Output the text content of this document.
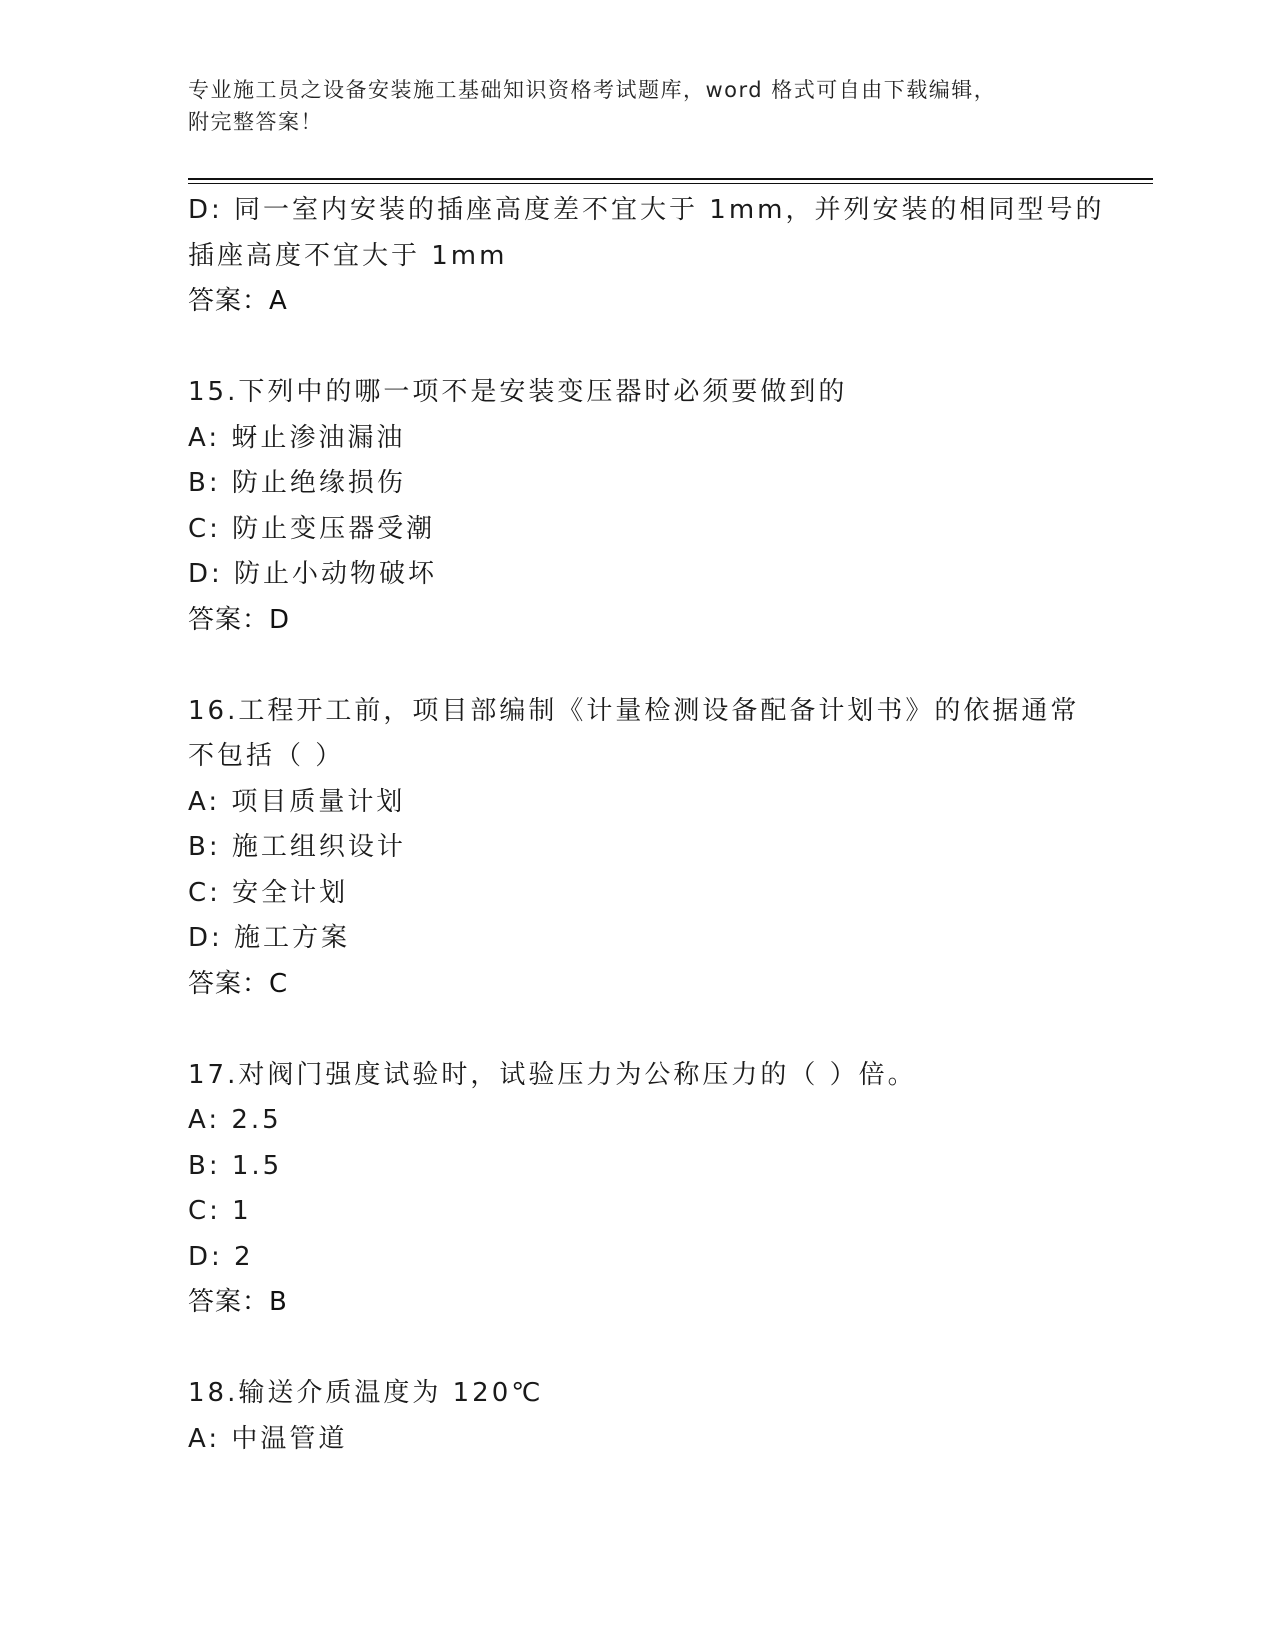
专业施工员之设备安装施工基础知识资格考试题库，word 格式可自由下载编辑，
附完整答案！
D: 同一室内安装的插座高度差不宜大于 1mm，并列安装的相同型号的
插座高度不宜大于 1mm
答案：A
15.下列中的哪一项不是安装变压器时必须要做到的
A: 蚜止渗油漏油
B: 防止绝缘损伤
C: 防止变压器受潮
D: 防止小动物破坏
答案：D
16.工程开工前，项目部编制《计量检测设备配备计划书》的依据通常
不包括（ ）
A: 项目质量计划
B: 施工组织设计
C: 安全计划
D: 施工方案
答案：C
17.对阀门强度试验时，试验压力为公称压力的（ ）倍。
A: 2.5
B: 1.5
C: 1
D: 2
答案：B
18.输送介质温度为 120℃
A: 中温管道
